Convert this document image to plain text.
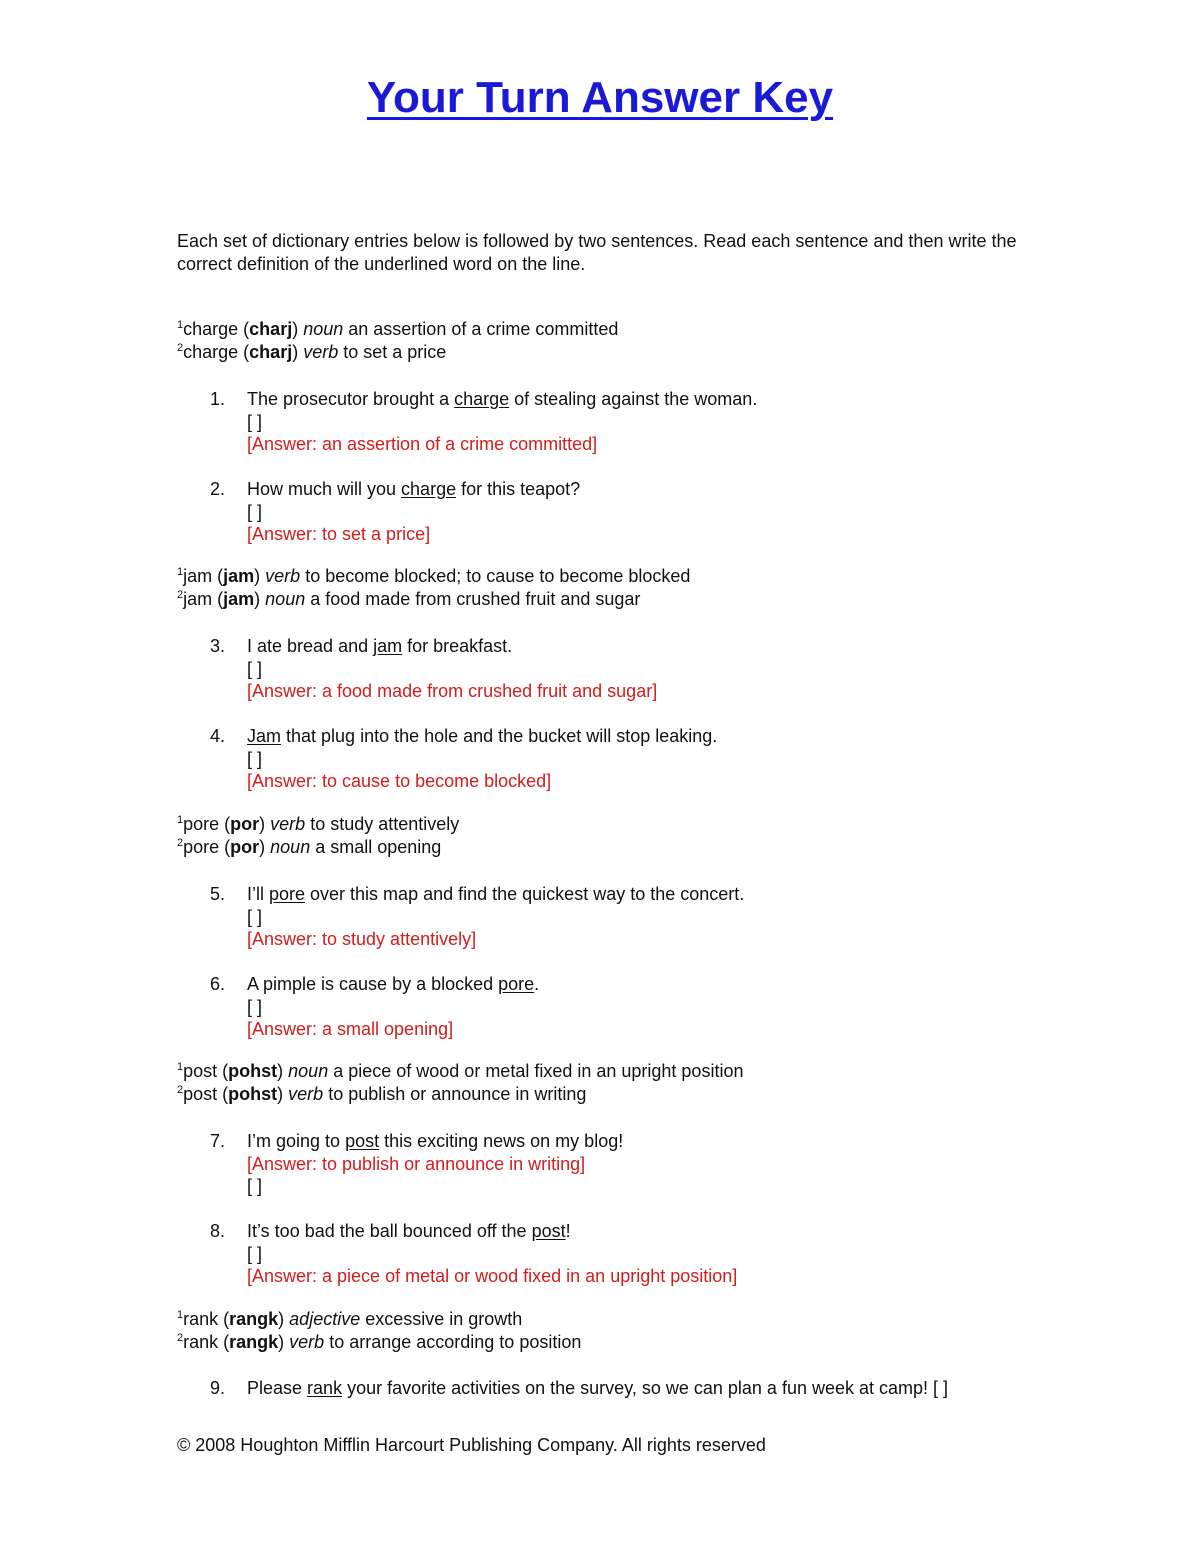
Your Turn Answer Key
Each set of dictionary entries below is followed by two sentences. Read each sentence and then write the correct definition of the underlined word on the line.
$^1$charge (charj) noun an assertion of a crime committed
$^2$charge (charj) verb to set a price
1. The prosecutor brought a charge of stealing against the woman.
[ ]
[Answer: an assertion of a crime committed]
2. How much will you charge for this teapot?
[ ]
[Answer: to set a price]
$^1$jam (jam) verb to become blocked; to cause to become blocked
$^2$jam (jam) noun a food made from crushed fruit and sugar
3. I ate bread and jam for breakfast.
[ ]
[Answer: a food made from crushed fruit and sugar]
4. Jam that plug into the hole and the bucket will stop leaking.
[ ]
[Answer: to cause to become blocked]
$^1$pore (por) verb to study attentively
$^2$pore (por) noun a small opening
5. I’ll pore over this map and find the quickest way to the concert.
[ ]
[Answer: to study attentively]
6. A pimple is cause by a blocked pore.
[ ]
[Answer: a small opening]
$^1$post (pohst) noun a piece of wood or metal fixed in an upright position
$^2$post (pohst) verb to publish or announce in writing
7. I’m going to post this exciting news on my blog!
[Answer: to publish or announce in writing]
[ ]
8. It’s too bad the ball bounced off the post!
[ ]
[Answer: a piece of metal or wood fixed in an upright position]
$^1$rank (rangk) adjective excessive in growth
$^2$rank (rangk) verb to arrange according to position
9. Please rank your favorite activities on the survey, so we can plan a fun week at camp! [ ]
© 2008 Houghton Mifflin Harcourt Publishing Company. All rights reserved
